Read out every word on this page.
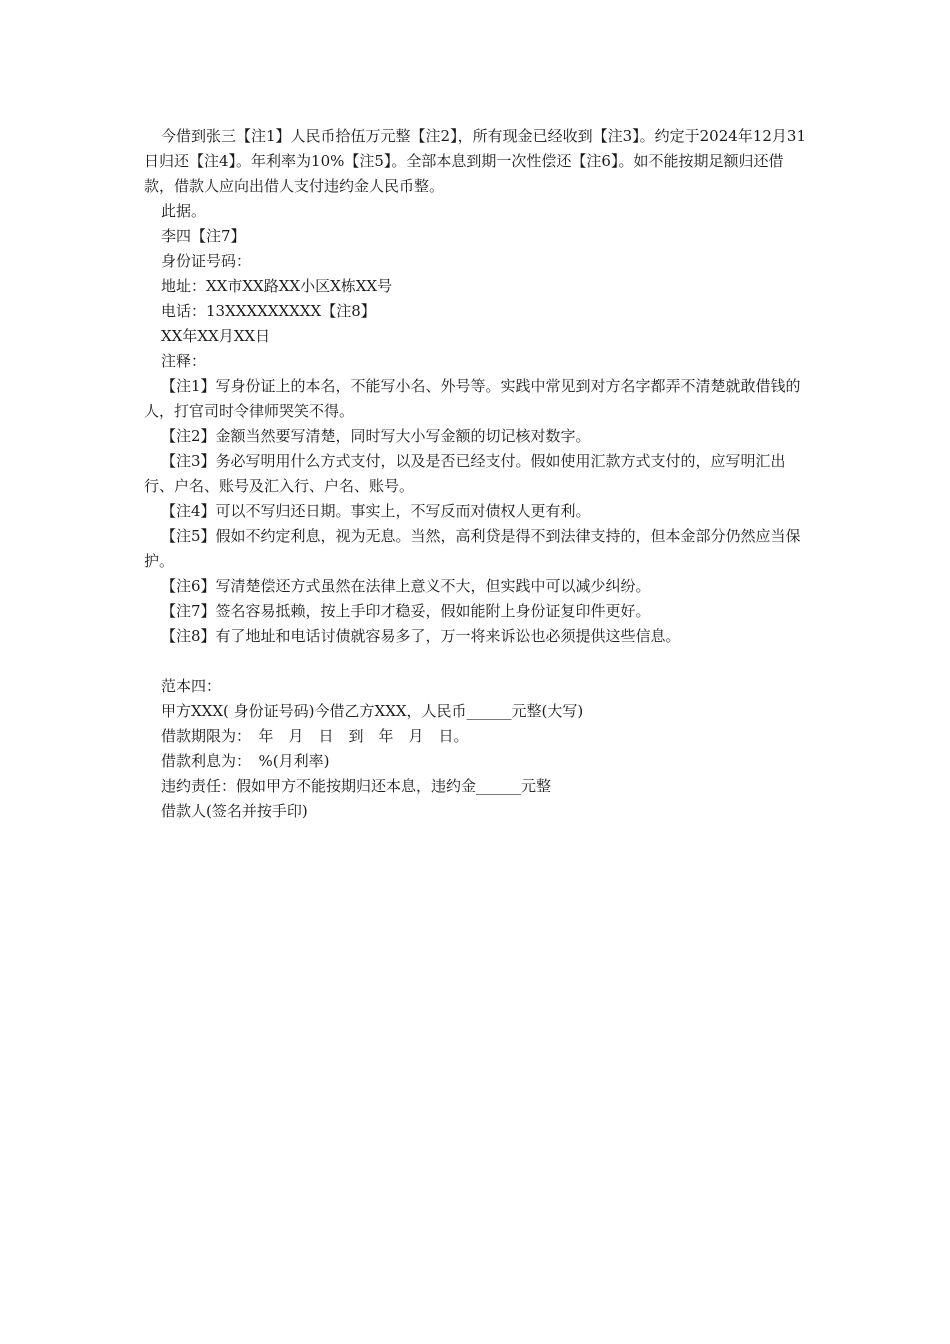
今借到张三【注1】人民币拾伍万元整【注2】，所有现金已经收到【注3】。约定于2024年12月31日归还【注4】。年利率为10%【注5】。全部本息到期一次性偿还【注6】。如不能按期足额归还借款，借款人应向出借人支付违约金人民币整。

此据。

李四【注7】

身份证号码：

地址：XX市XX路XX小区X栋XX号

电话：13XXXXXXXXX【注8】

XX年XX月XX日

注释：

【注1】写身份证上的本名，不能写小名、外号等。实践中常见到对方名字都弄不清楚就敢借钱的人，打官司时令律师哭笑不得。

【注2】金额当然要写清楚，同时写大小写金额的切记核对数字。

【注3】务必写明用什么方式支付，以及是否已经支付。假如使用汇款方式支付的，应写明汇出行、户名、账号及汇入行、户名、账号。

【注4】可以不写归还日期。事实上，不写反而对债权人更有利。

【注5】假如不约定利息，视为无息。当然，高利贷是得不到法律支持的，但本金部分仍然应当保护。

【注6】写清楚偿还方式虽然在法律上意义不大，但实践中可以减少纠纷。

【注7】签名容易抵赖，按上手印才稳妥，假如能附上身份证复印件更好。

【注8】有了地址和电话讨债就容易多了，万一将来诉讼也必须提供这些信息。

范本四：

甲方XXX( 身份证号码)今借乙方XXX，人民币______元整(大写)

借款期限为：　年　月　日　到　年　月　日。

借款利息为：　%(月利率)

违约责任：假如甲方不能按期归还本息，违约金______元整

借款人(签名并按手印)
